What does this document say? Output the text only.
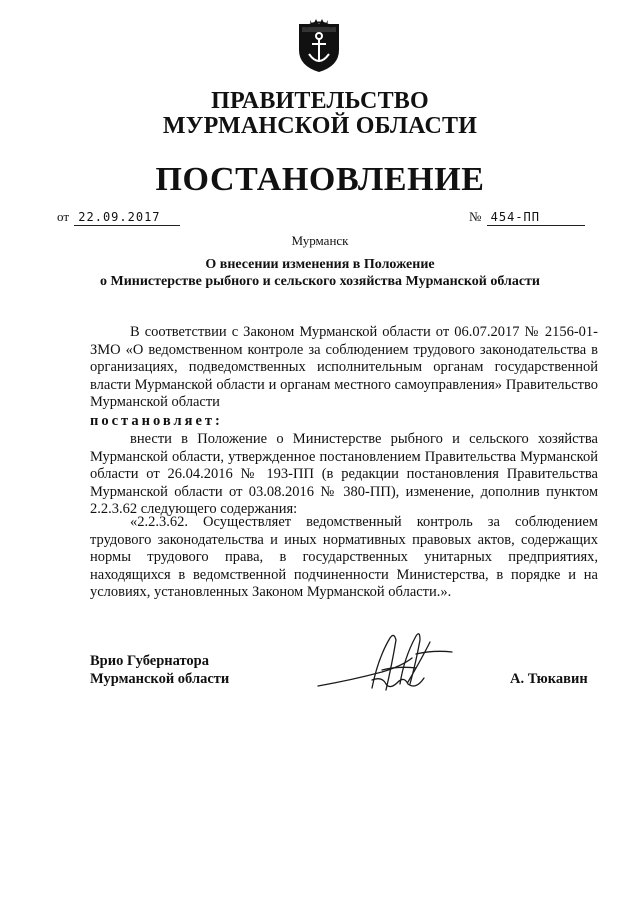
ПРАВИТЕЛЬСТВО
МУРМАНСКОЙ ОБЛАСТИ
ПОСТАНОВЛЕНИЕ
от 22.09.2017	№ 454-ПП
Мурманск
О внесении изменения в Положение
о Министерстве рыбного и сельского хозяйства Мурманской области

В соответствии с Законом Мурманской области от 06.07.2017 № 2156-01-ЗМО «О ведомственном контроле за соблюдением трудового законодательства в организациях, подведомственных исполнительным органам государственной власти Мурманской области и органам местного самоуправления» Правительство Мурманской области

постановляет:

внести в Положение о Министерстве рыбного и сельского хозяйства Мурманской области, утвержденное постановлением Правительства Мурманской области от 26.04.2016 № 193-ПП (в редакции постановления Правительства Мурманской области от 03.08.2016 № 380-ПП), изменение, дополнив пунктом 2.2.3.62 следующего содержания:

«2.2.3.62. Осуществляет ведомственный контроль за соблюдением трудового законодательства и иных нормативных правовых актов, содержащих нормы трудового права, в государственных унитарных предприятиях, находящихся в ведомственной подчиненности Министерства, в порядке и на условиях, установленных Законом Мурманской области.».

Врио Губернатора
Мурманской области	А. Тюкавин
